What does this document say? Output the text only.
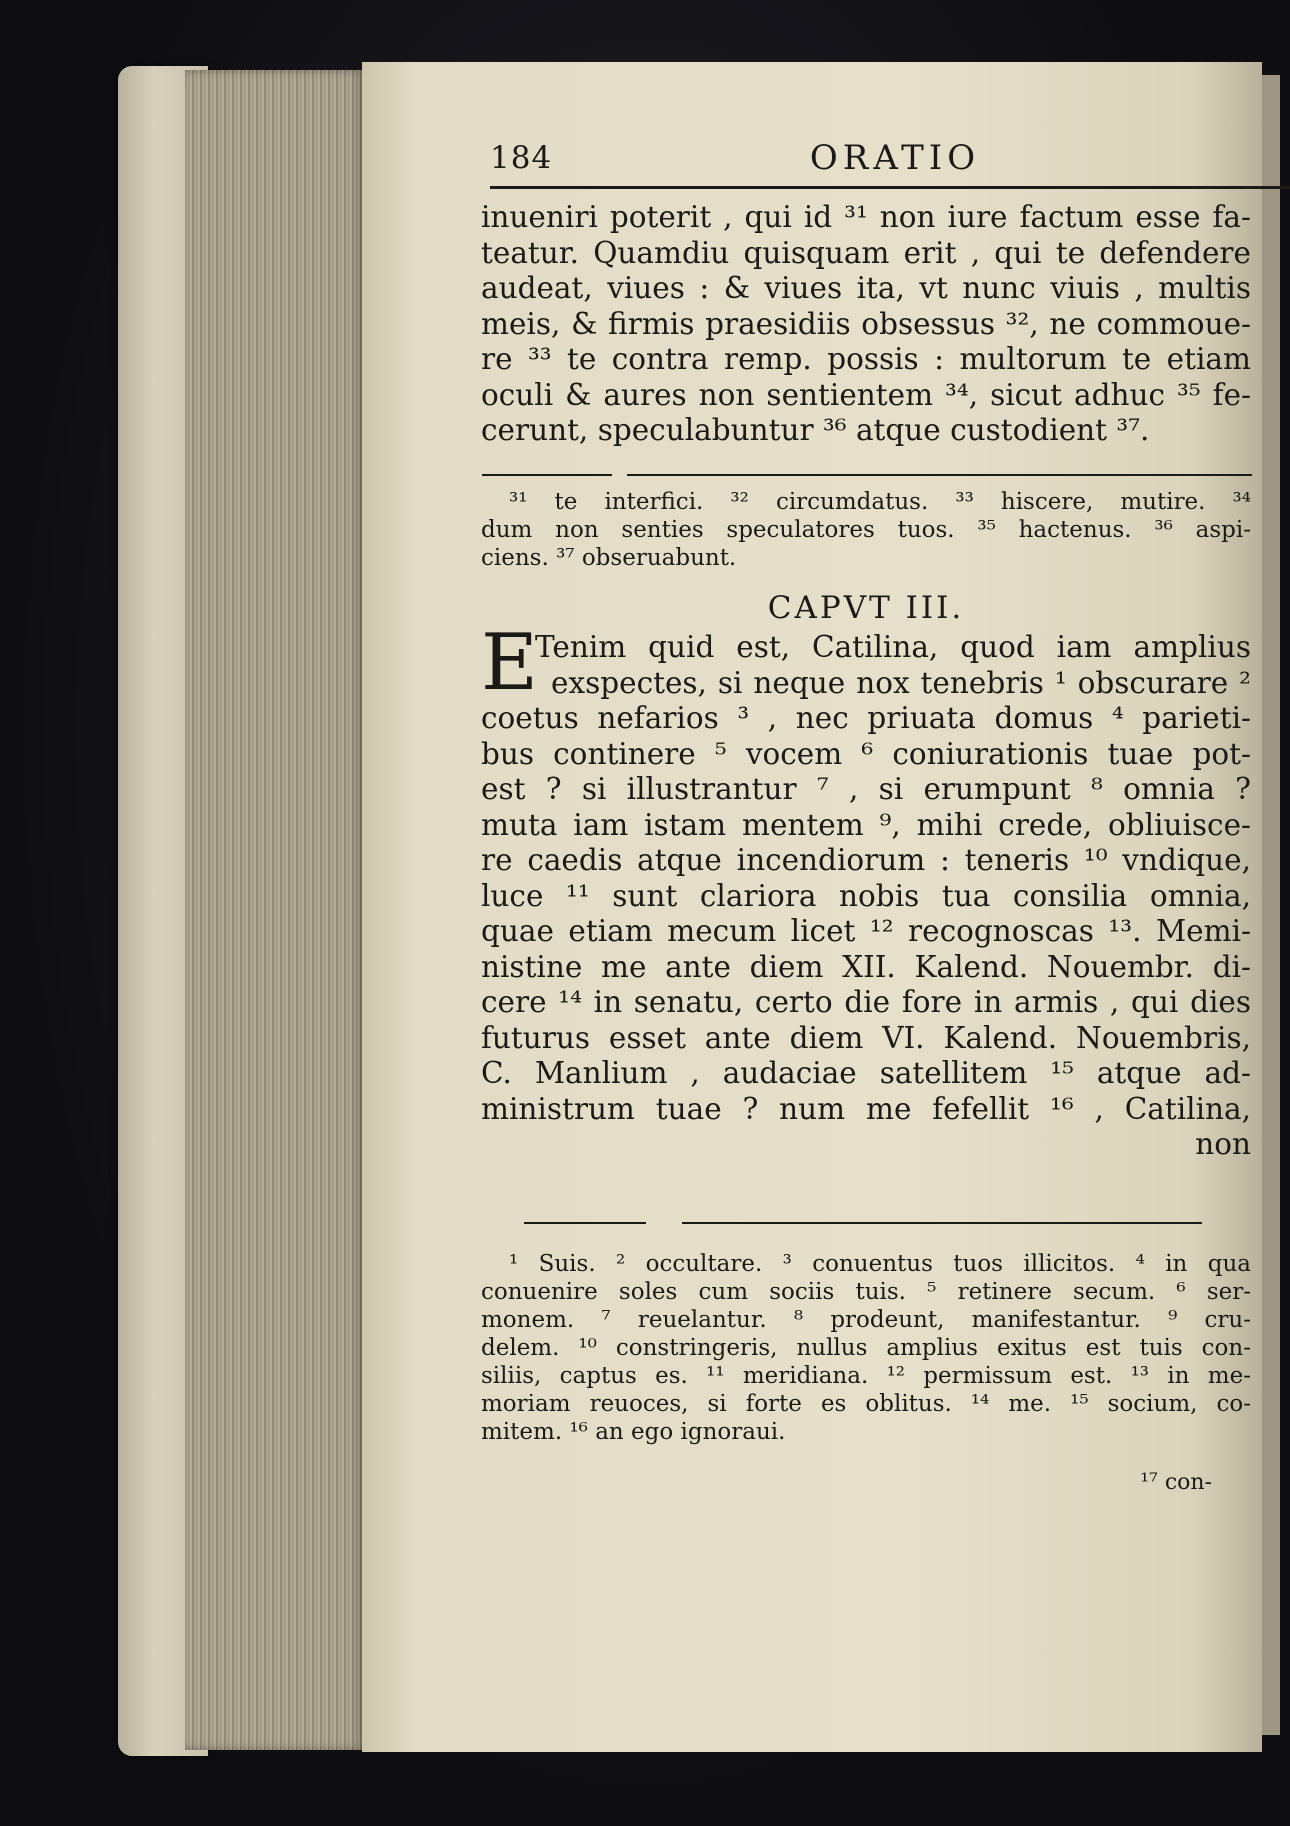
184	ORATIO
inueniri poterit , qui id ³¹ non iure factum esse fa-
teatur. Quamdiu quisquam erit , qui te defendere
audeat, viues : & viues ita, vt nunc viuis , multis
meis, & firmis praesidiis obsessus ³², ne commoue-
re ³³ te contra remp. possis : multorum te etiam
oculi & aures non sentientem ³⁴, sicut adhuc ³⁵ fe-
cerunt, speculabuntur ³⁶ atque custodient ³⁷.
³¹ te interfici. ³² circumdatus. ³³ hiscere, mutire. ³⁴
dum non senties speculatores tuos. ³⁵ hactenus. ³⁶ aspi-
ciens. ³⁷ obseruabunt.
CAPVT III.
E
Tenim quid est, Catilina, quod iam amplius
exspectes, si neque nox tenebris ¹ obscurare ²
coetus nefarios ³ , nec priuata domus ⁴ parieti-
bus continere ⁵ vocem ⁶ coniurationis tuae pot-
est ? si illustrantur ⁷ , si erumpunt ⁸ omnia ?
muta iam istam mentem ⁹, mihi crede, obliuisce-
re caedis atque incendiorum : teneris ¹⁰ vndique,
luce ¹¹ sunt clariora nobis tua consilia omnia,
quae etiam mecum licet ¹² recognoscas ¹³. Memi-
nistine me ante diem XII. Kalend. Nouembr. di-
cere ¹⁴ in senatu, certo die fore in armis , qui dies
futurus esset ante diem VI. Kalend. Nouembris,
C. Manlium , audaciae satellitem ¹⁵ atque ad-
ministrum tuae ? num me fefellit ¹⁶ , Catilina,
non
¹ Suis. ² occultare. ³ conuentus tuos illicitos. ⁴ in qua
conuenire soles cum sociis tuis. ⁵ retinere secum. ⁶ ser-
monem. ⁷ reuelantur. ⁸ prodeunt, manifestantur. ⁹ cru-
delem. ¹⁰ constringeris, nullus amplius exitus est tuis con-
siliis, captus es. ¹¹ meridiana. ¹² permissum est. ¹³ in me-
moriam reuoces, si forte es oblitus. ¹⁴ me. ¹⁵ socium, co-
mitem. ¹⁶ an ego ignoraui.
¹⁷ con-
